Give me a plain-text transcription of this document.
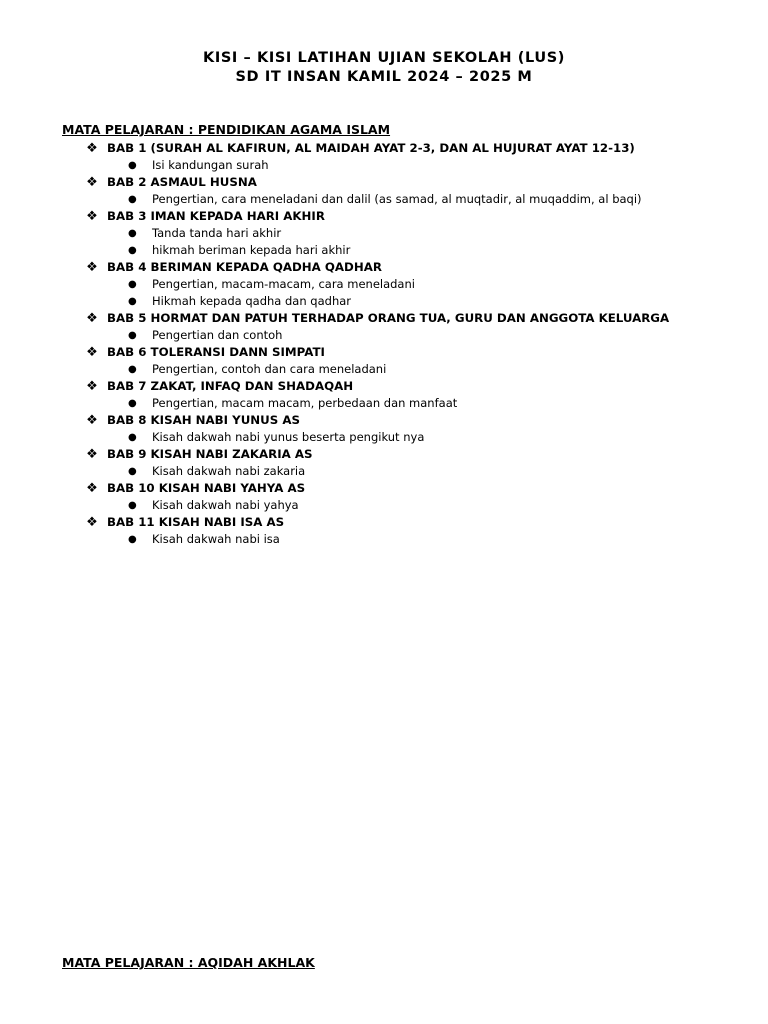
KISI – KISI LATIHAN UJIAN SEKOLAH (LUS)
SD IT INSAN KAMIL 2024 – 2025 M
MATA PELAJARAN : PENDIDIKAN AGAMA ISLAM
❖ BAB 1 (SURAH AL KAFIRUN, AL MAIDAH AYAT 2-3, DAN AL HUJURAT AYAT 12-13)
● Isi kandungan surah
❖ BAB 2 ASMAUL HUSNA
● Pengertian, cara meneladani dan dalil (as samad, al muqtadir, al muqaddim, al baqi)
❖ BAB 3 IMAN KEPADA HARI AKHIR
● Tanda tanda hari akhir
● hikmah beriman kepada hari akhir
❖ BAB 4 BERIMAN KEPADA QADHA QADHAR
● Pengertian, macam-macam, cara meneladani
● Hikmah kepada qadha dan qadhar
❖ BAB 5 HORMAT DAN PATUH TERHADAP ORANG TUA, GURU DAN ANGGOTA KELUARGA
● Pengertian dan contoh
❖ BAB 6 TOLERANSI DANN SIMPATI
● Pengertian, contoh dan cara meneladani
❖ BAB 7 ZAKAT, INFAQ DAN SHADAQAH
● Pengertian, macam macam, perbedaan dan manfaat
❖ BAB 8 KISAH NABI YUNUS AS
● Kisah dakwah nabi yunus beserta pengikut nya
❖ BAB 9 KISAH NABI ZAKARIA AS
● Kisah dakwah nabi zakaria
❖ BAB 10 KISAH NABI YAHYA AS
● Kisah dakwah nabi yahya
❖ BAB 11 KISAH NABI ISA AS
● Kisah dakwah nabi isa
MATA PELAJARAN : AQIDAH AKHLAK
